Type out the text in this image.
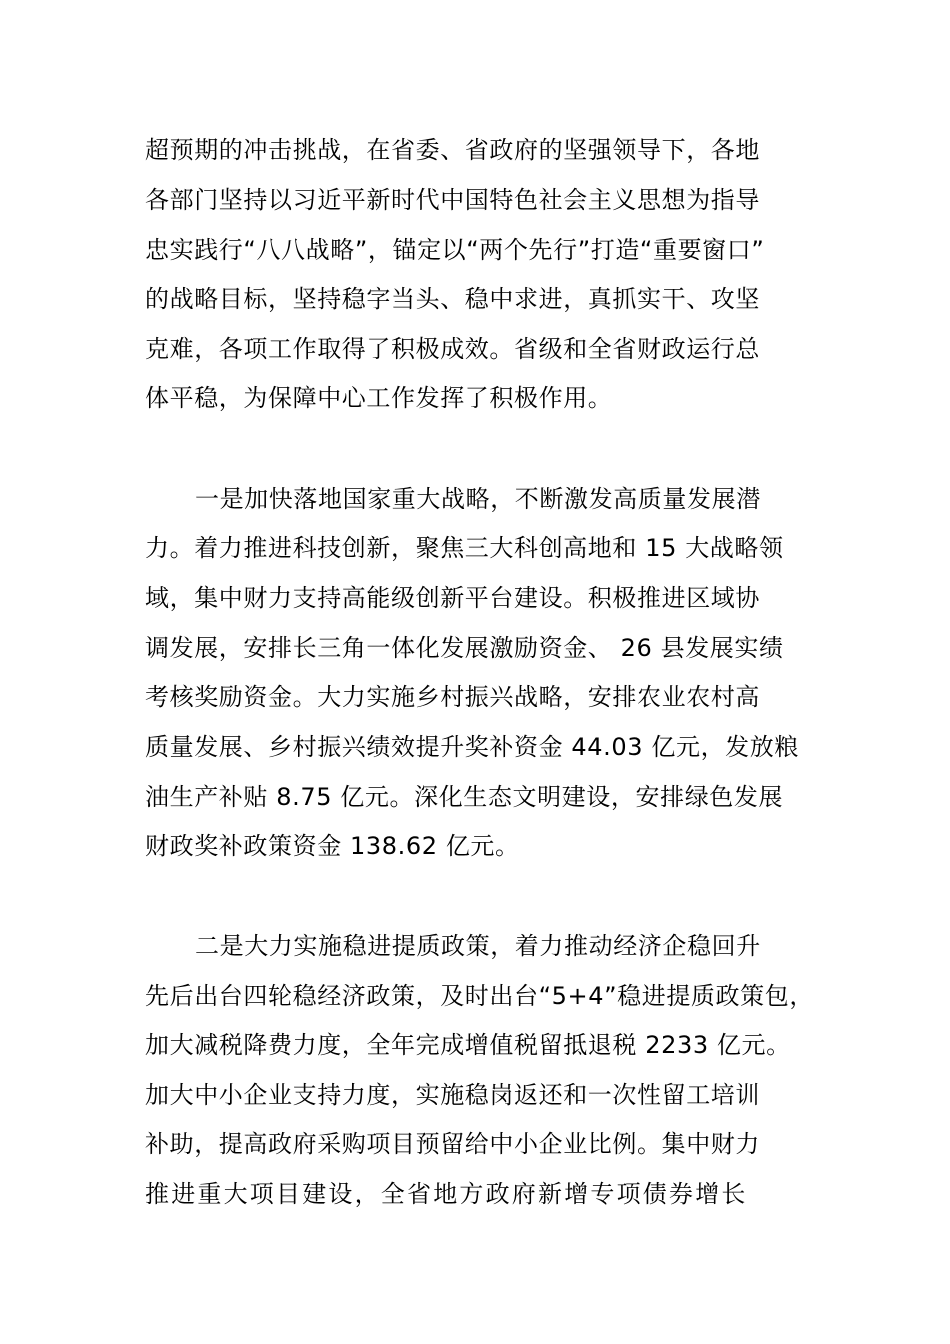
超预期的冲击挑战，在省委、省政府的坚强领导下，各地
各部门坚持以习近平新时代中国特色社会主义思想为指导
忠实践行“八八战略”，锚定以“两个先行”打造“重要窗口”
的战略目标，坚持稳字当头、稳中求进，真抓实干、攻坚
克难，各项工作取得了积极成效。省级和全省财政运行总
体平稳，为保障中心工作发挥了积极作用。
一是加快落地国家重大战略，不断激发高质量发展潜
力。着力推进科技创新，聚焦三大科创高地和 15 大战略领
域，集中财力支持高能级创新平台建设。积极推进区域协
调发展，安排长三角一体化发展激励资金、 26 县发展实绩
考核奖励资金。大力实施乡村振兴战略，安排农业农村高
质量发展、乡村振兴绩效提升奖补资金 44.03 亿元，发放粮
油生产补贴 8.75 亿元。深化生态文明建设，安排绿色发展
财政奖补政策资金 138.62 亿元。
二是大力实施稳进提质政策，着力推动经济企稳回升
先后出台四轮稳经济政策，及时出台“5+4”稳进提质政策包，
加大减税降费力度，全年完成增值税留抵退税 2233 亿元。
加大中小企业支持力度，实施稳岗返还和一次性留工培训
补助，提高政府采购项目预留给中小企业比例。集中财力
推进重大项目建设，全省地方政府新增专项债券增长
